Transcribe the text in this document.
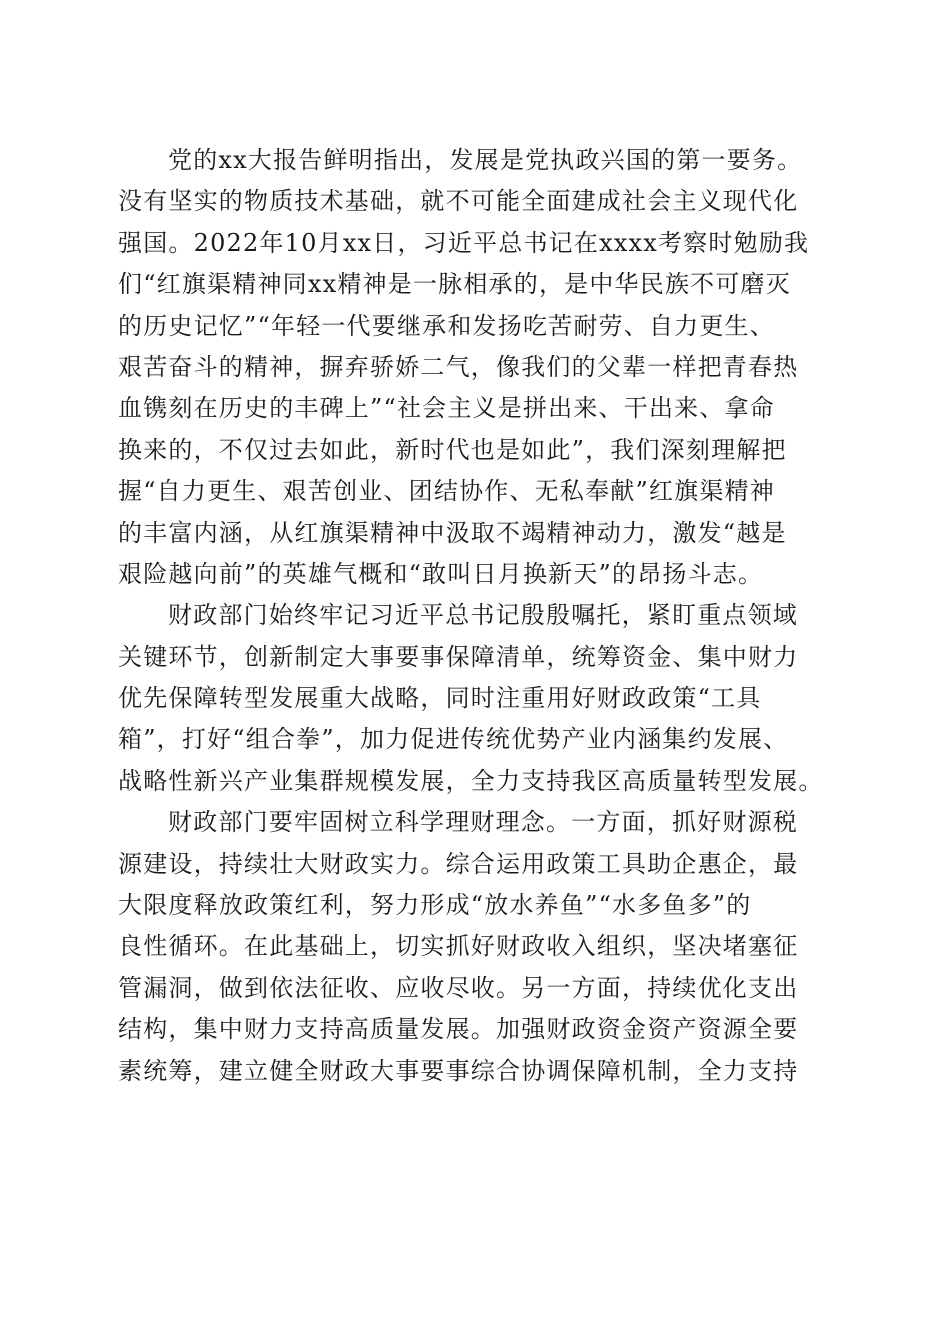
党的xx大报告鲜明指出，发展是党执政兴国的第一要务。
没有坚实的物质技术基础，就不可能全面建成社会主义现代化
强国。2022年10月xx日，习近平总书记在xxxx考察时勉励我
们“红旗渠精神同xx精神是一脉相承的，是中华民族不可磨灭
的历史记忆”“年轻一代要继承和发扬吃苦耐劳、自力更生、
艰苦奋斗的精神，摒弃骄娇二气，像我们的父辈一样把青春热
血镌刻在历史的丰碑上”“社会主义是拼出来、干出来、拿命
换来的，不仅过去如此，新时代也是如此”，我们深刻理解把
握“自力更生、艰苦创业、团结协作、无私奉献”红旗渠精神
的丰富内涵，从红旗渠精神中汲取不竭精神动力，激发“越是
艰险越向前”的英雄气概和“敢叫日月换新天”的昂扬斗志。
财政部门始终牢记习近平总书记殷殷嘱托，紧盯重点领域
关键环节，创新制定大事要事保障清单，统筹资金、集中财力
优先保障转型发展重大战略，同时注重用好财政政策“工具
箱”，打好“组合拳”，加力促进传统优势产业内涵集约发展、
战略性新兴产业集群规模发展，全力支持我区高质量转型发展。
财政部门要牢固树立科学理财理念。一方面，抓好财源税
源建设，持续壮大财政实力。综合运用政策工具助企惠企，最
大限度释放政策红利，努力形成“放水养鱼”“水多鱼多”的
良性循环。在此基础上，切实抓好财政收入组织，坚决堵塞征
管漏洞，做到依法征收、应收尽收。另一方面，持续优化支出
结构，集中财力支持高质量发展。加强财政资金资产资源全要
素统筹，建立健全财政大事要事综合协调保障机制，全力支持
